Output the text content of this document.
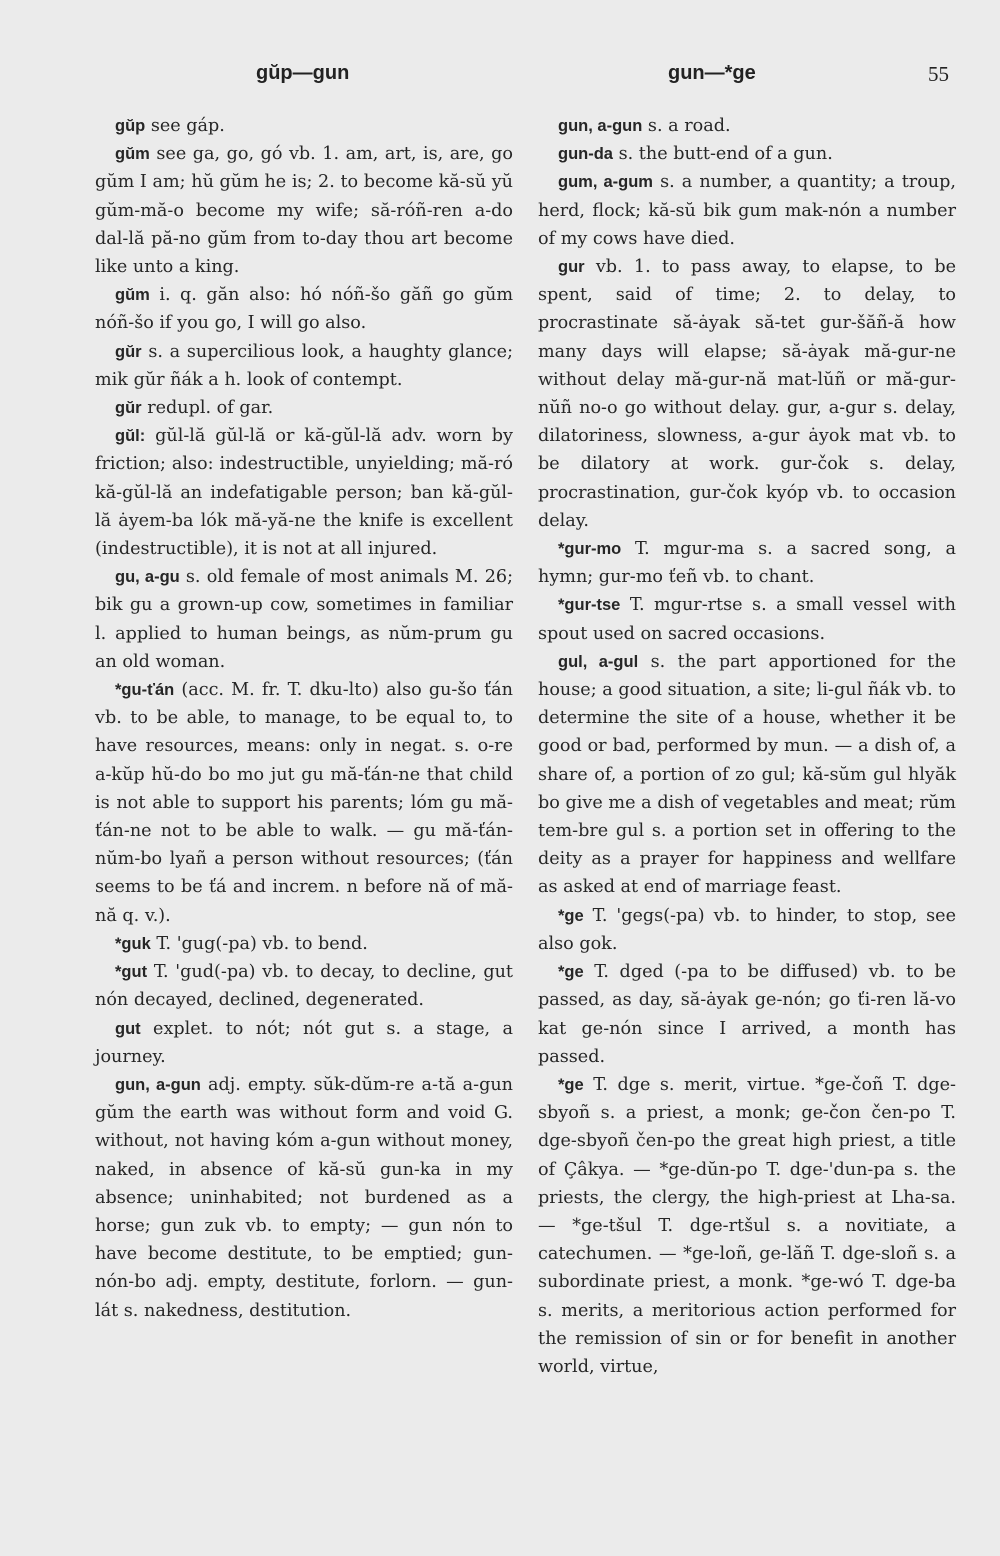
gŭp—gun	gun—*ge	55

gŭp see gáp.

gŭm see ga, go, gó vb. 1. am, art, is, are, go gŭm I am; hŭ gŭm he is; 2. to become kă-sŭ yŭ gŭm-mă-o become my wife; să-róñ-ren a-do dal-lă pă-no gŭm from to-day thou art become like unto a king.

gŭm i. q. găn also: hó nóñ-šo găñ go gŭm nóñ-šo if you go, I will go also.

gŭr s. a supercilious look, a haughty glance; mik gŭr ñák a h. look of contempt.

gŭr redupl. of gar.

gŭl: gŭl-lă gŭl-lă or kă-gŭl-lă adv. worn by friction; also: indestructible, unyielding; mă-ró kă-gŭl-lă an indefatigable person; ban kă-gŭl-lă ȧyem-ba lók mă-yă-ne the knife is excellent (indestructible), it is not at all injured.

gu, a-gu s. old female of most animals M. 26; bik gu a grown-up cow, sometimes in familiar l. applied to human beings, as nŭm-prum gu an old woman.

*gu-ťán (acc. M. fr. T. dku-lto) also gu-šo ťán vb. to be able, to manage, to be equal to, to have resources, means: only in negat. s. o-re a-kŭp hŭ-do bo mo jut gu mă-ťán-ne that child is not able to support his parents; lóm gu mă-ťán-ne not to be able to walk. — gu mă-ťán-nŭm-bo lyañ a person without resources; (ťán seems to be ťá and increm. n before nă of mă-nă q. v.).

*guk T. 'gug(-pa) vb. to bend.

*gut T. 'gud(-pa) vb. to decay, to decline, gut nón decayed, declined, degenerated.

gut explet. to nót; nót gut s. a stage, a journey.

gun, a-gun adj. empty. sŭk-dŭm-re a-tă a-gun gŭm the earth was without form and void G. without, not having kóm a-gun without money, naked, in absence of kă-sŭ gun-ka in my absence; uninhabited; not burdened as a horse; gun zuk vb. to empty; — gun nón to have become destitute, to be emptied; gun-nón-bo adj. empty, destitute, forlorn. — gun-lát s. nakedness, destitution.

gun, a-gun s. a road.

gun-da s. the butt-end of a gun.

gum, a-gum s. a number, a quantity; a troup, herd, flock; kă-sŭ bik gum mak-nón a number of my cows have died.

gur vb. 1. to pass away, to elapse, to be spent, said of time; 2. to delay, to procrastinate să-ȧyak să-tet gur-šăñ-ă how many days will elapse; să-ȧyak mă-gur-ne without delay mă-gur-nă mat-lŭñ or mă-gur-nŭñ no-o go without delay. gur, a-gur s. delay, dilatoriness, slowness, a-gur ȧyok mat vb. to be dilatory at work. gur-čok s. delay, procrastination, gur-čok kyóp vb. to occasion delay.

*gur-mo T. mgur-ma s. a sacred song, a hymn; gur-mo ťeñ vb. to chant.

*gur-tse T. mgur-rtse s. a small vessel with spout used on sacred occasions.

gul, a-gul s. the part apportioned for the house; a good situation, a site; li-gul ñák vb. to determine the site of a house, whether it be good or bad, performed by mun. — a dish of, a share of, a portion of zo gul; kă-sŭm gul hlyăk bo give me a dish of vegetables and meat; rŭm tem-bre gul s. a portion set in offering to the deity as a prayer for happiness and wellfare as asked at end of marriage feast.

*ge T. 'gegs(-pa) vb. to hinder, to stop, see also gok.

*ge T. dged (-pa to be diffused) vb. to be passed, as day, să-ȧyak ge-nón; go ťi-ren lă-vo kat ge-nón since I arrived, a month has passed.

*ge T. dge s. merit, virtue. *ge-čoñ T. dge-sbyoñ s. a priest, a monk; ge-čon čen-po T. dge-sbyoñ čen-po the great high priest, a title of Çâkya. — *ge-dŭn-po T. dge-'dun-pa s. the priests, the clergy, the high-priest at Lha-sa. — *ge-tšul T. dge-rtšul s. a novitiate, a catechumen. — *ge-loñ, ge-lăñ T. dge-sloñ s. a subordinate priest, a monk. *ge-wó T. dge-ba s. merits, a meritorious action performed for the remission of sin or for benefit in another world, virtue,
